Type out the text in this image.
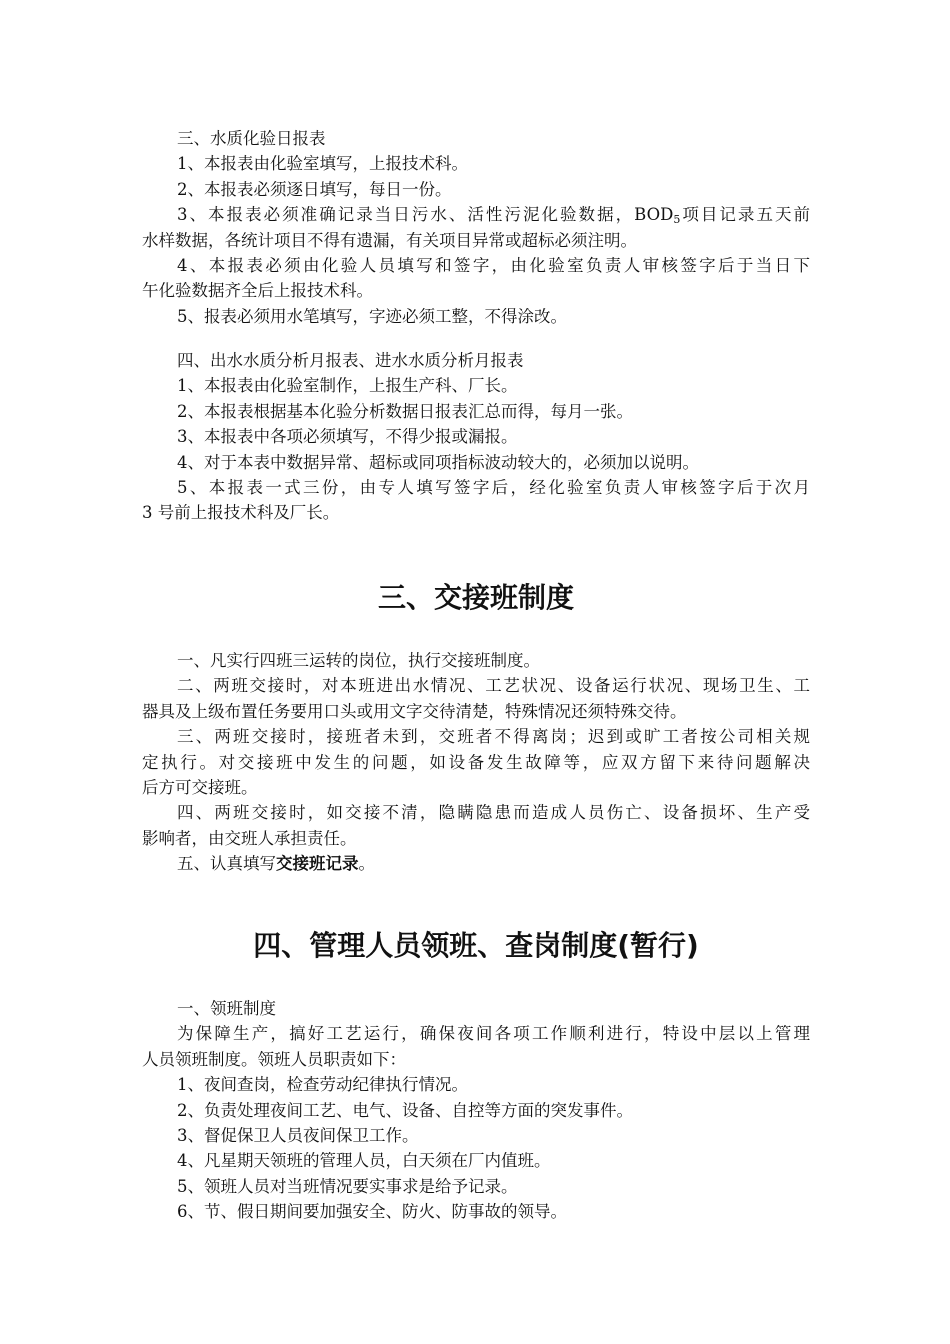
三、水质化验日报表
1、本报表由化验室填写，上报技术科。
2、本报表必须逐日填写，每日一份。
3、本报表必须准确记录当日污水、活性污泥化验数据，$BOD_5$项目记录五天前
水样数据，各统计项目不得有遗漏，有关项目异常或超标必须注明。
4、本报表必须由化验人员填写和签字，由化验室负责人审核签字后于当日下
午化验数据齐全后上报技术科。
5、报表必须用水笔填写，字迹必须工整，不得涂改。
四、出水水质分析月报表、进水水质分析月报表
1、本报表由化验室制作，上报生产科、厂长。
2、本报表根据基本化验分析数据日报表汇总而得，每月一张。
3、本报表中各项必须填写，不得少报或漏报。
4、对于本表中数据异常、超标或同项指标波动较大的，必须加以说明。
5、本报表一式三份，由专人填写签字后，经化验室负责人审核签字后于次月
3 号前上报技术科及厂长。
三、交接班制度
一、凡实行四班三运转的岗位，执行交接班制度。
二、两班交接时，对本班进出水情况、工艺状况、设备运行状况、现场卫生、工
器具及上级布置任务要用口头或用文字交待清楚，特殊情况还须特殊交待。
三、两班交接时，接班者未到，交班者不得离岗；迟到或旷工者按公司相关规
定执行。对交接班中发生的问题，如设备发生故障等，应双方留下来待问题解决
后方可交接班。
四、两班交接时，如交接不清，隐瞒隐患而造成人员伤亡、设备损坏、生产受
影响者，由交班人承担责任。
五、认真填写交接班记录。
四、管理人员领班、查岗制度(暂行)
一、领班制度
为保障生产，搞好工艺运行，确保夜间各项工作顺利进行，特设中层以上管理
人员领班制度。领班人员职责如下：
1、夜间查岗，检查劳动纪律执行情况。
2、负责处理夜间工艺、电气、设备、自控等方面的突发事件。
3、督促保卫人员夜间保卫工作。
4、凡星期天领班的管理人员，白天须在厂内值班。
5、领班人员对当班情况要实事求是给予记录。
6、节、假日期间要加强安全、防火、防事故的领导。
